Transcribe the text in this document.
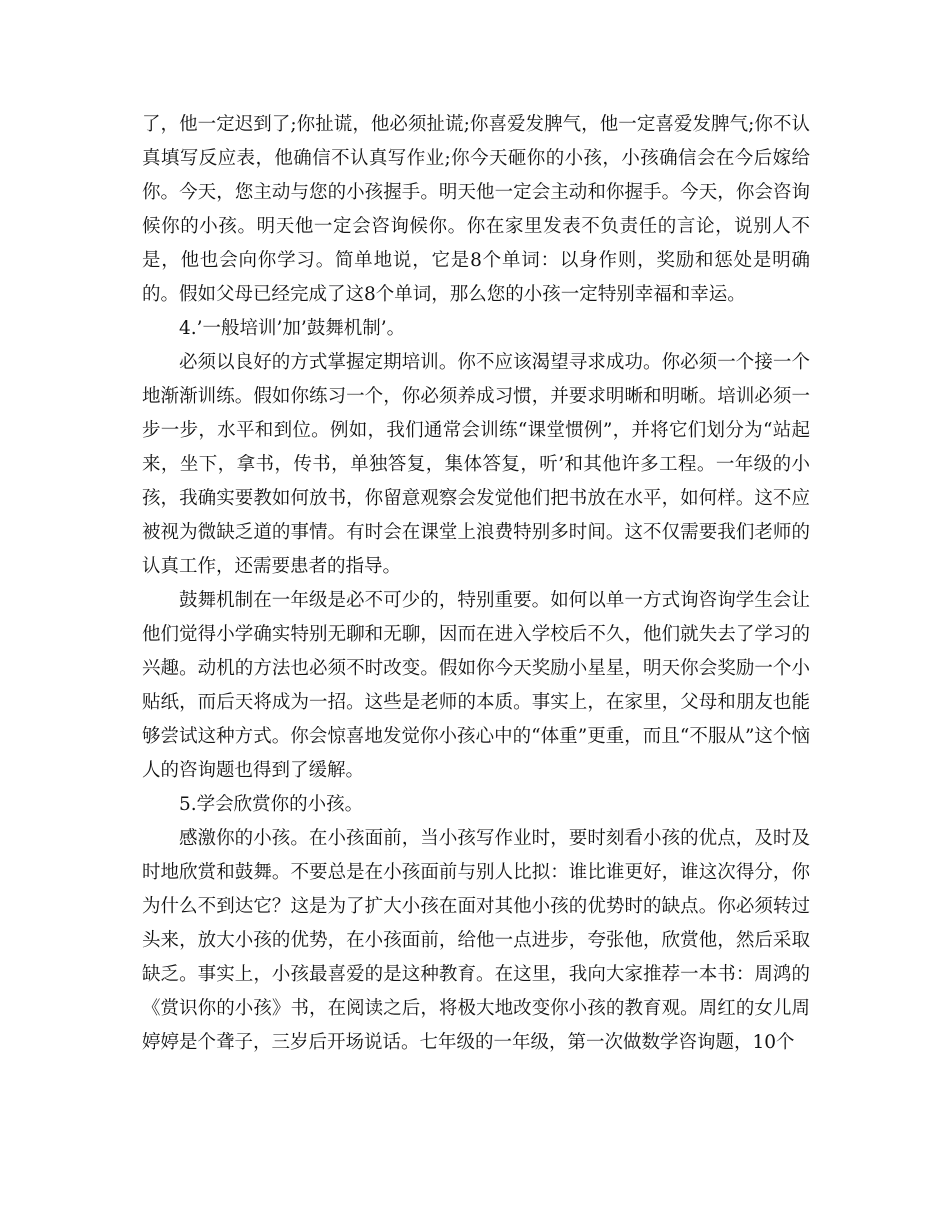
了，他一定迟到了;你扯谎，他必须扯谎;你喜爱发脾气，他一定喜爱发脾气;你不认真填写反应表，他确信不认真写作业;你今天砸你的小孩，小孩确信会在今后嫁给你。今天，您主动与您的小孩握手。明天他一定会主动和你握手。今天，你会咨询候你的小孩。明天他一定会咨询候你。你在家里发表不负责任的言论，说别人不是，他也会向你学习。简单地说，它是8个单词：以身作则，奖励和惩处是明确的。假如父母已经完成了这8个单词，那么您的小孩一定特别幸福和幸运。

4.’一般培训’加’鼓舞机制’。

必须以良好的方式掌握定期培训。你不应该渴望寻求成功。你必须一个接一个地渐渐训练。假如你练习一个，你必须养成习惯，并要求明晰和明晰。培训必须一步一步，水平和到位。例如，我们通常会训练“课堂惯例”，并将它们划分为“站起来，坐下，拿书，传书，单独答复，集体答复，听’和其他许多工程。一年级的小孩，我确实要教如何放书，你留意观察会发觉他们把书放在水平，如何样。这不应被视为微缺乏道的事情。有时会在课堂上浪费特别多时间。这不仅需要我们老师的认真工作，还需要患者的指导。

鼓舞机制在一年级是必不可少的，特别重要。如何以单一方式询咨询学生会让他们觉得小学确实特别无聊和无聊，因而在进入学校后不久，他们就失去了学习的兴趣。动机的方法也必须不时改变。假如你今天奖励小星星，明天你会奖励一个小贴纸，而后天将成为一招。这些是老师的本质。事实上，在家里，父母和朋友也能够尝试这种方式。你会惊喜地发觉你小孩心中的“体重”更重，而且“不服从”这个恼人的咨询题也得到了缓解。

5.学会欣赏你的小孩。

感激你的小孩。在小孩面前，当小孩写作业时，要时刻看小孩的优点，及时及时地欣赏和鼓舞。不要总是在小孩面前与别人比拟：谁比谁更好，谁这次得分，你为什么不到达它？这是为了扩大小孩在面对其他小孩的优势时的缺点。你必须转过头来，放大小孩的优势，在小孩面前，给他一点进步，夸张他，欣赏他，然后采取缺乏。事实上，小孩最喜爱的是这种教育。在这里，我向大家推荐一本书：周鸿的《赏识你的小孩》书，在阅读之后，将极大地改变你小孩的教育观。周红的女儿周婷婷是个聋子，三岁后开场说话。七年级的一年级，第一次做数学咨询题，10个
